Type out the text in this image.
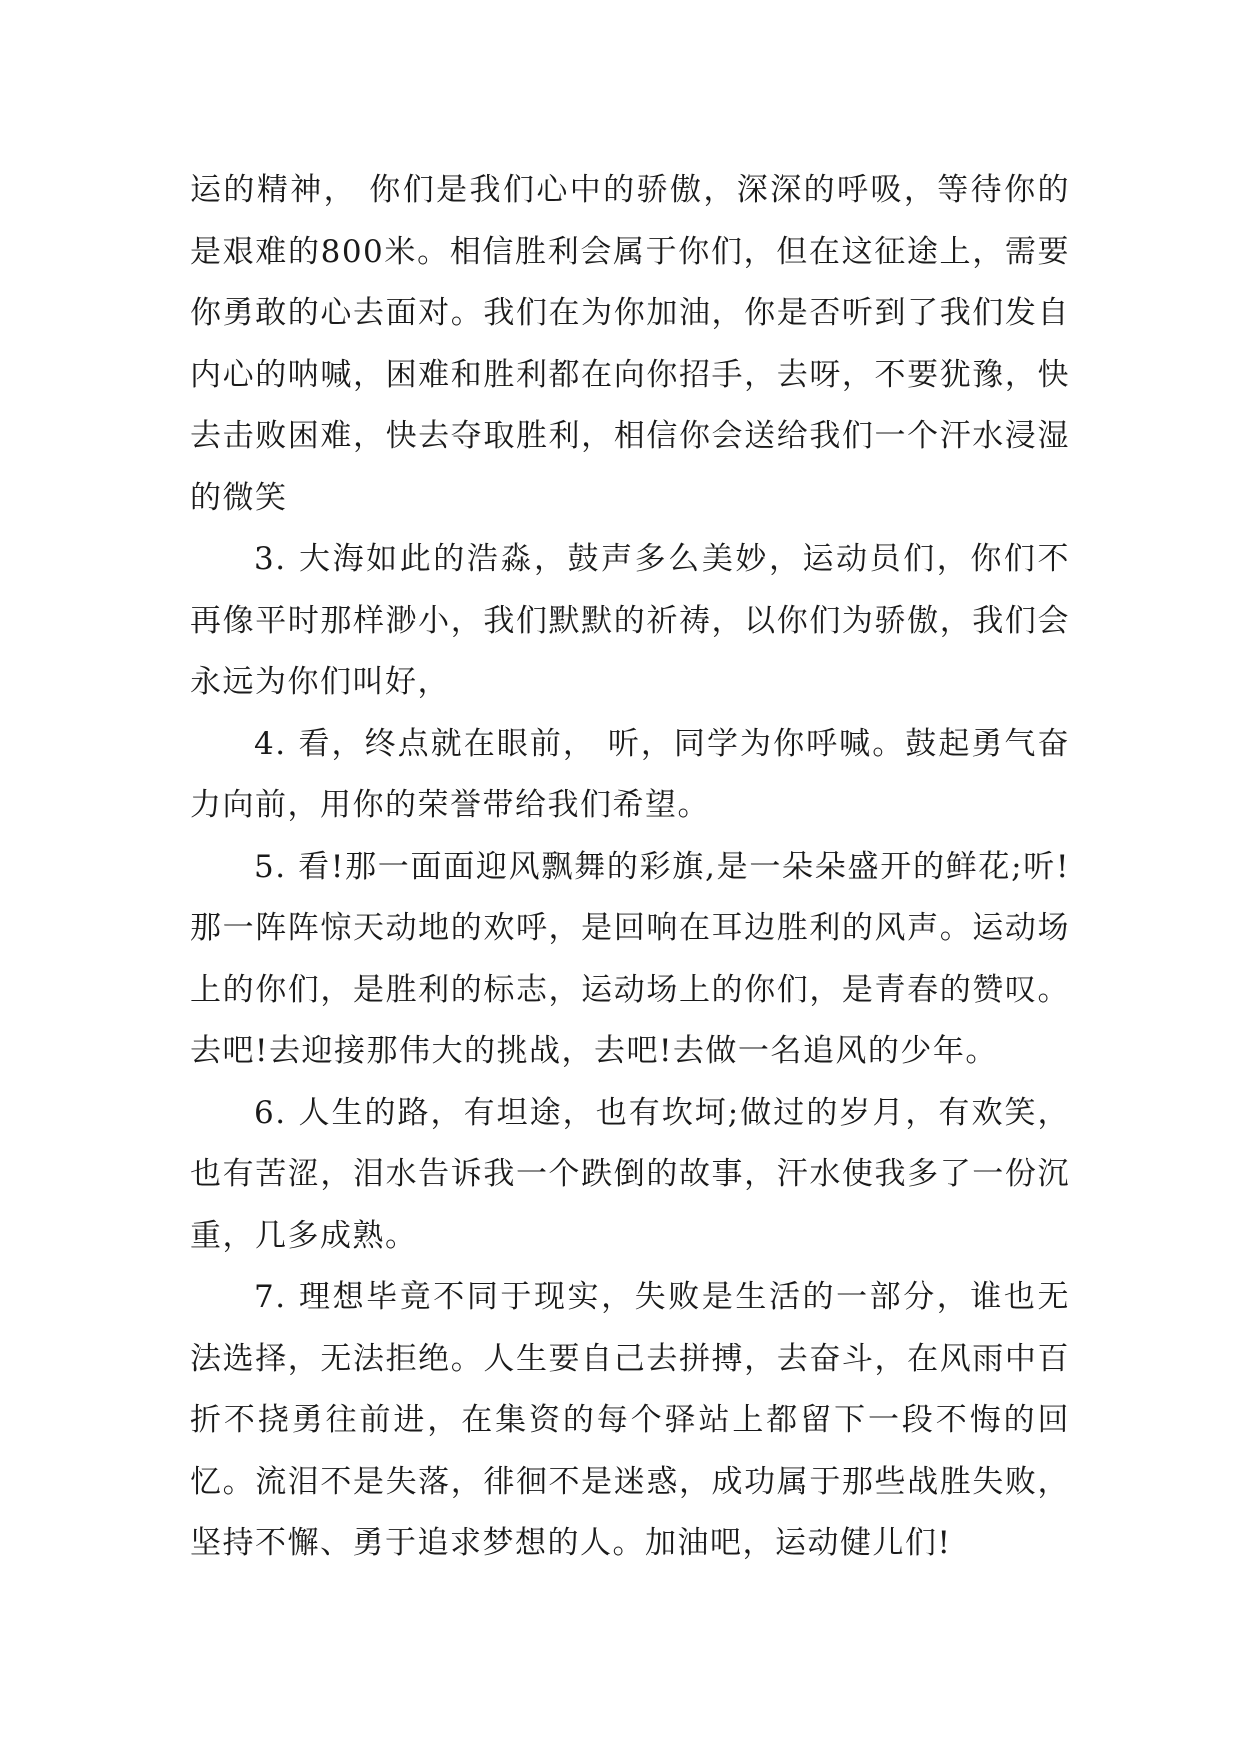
运的精神， 你们是我们心中的骄傲，深深的呼吸，等待你的是艰难的800米。相信胜利会属于你们，但在这征途上，需要你勇敢的心去面对。我们在为你加油，你是否听到了我们发自内心的呐喊，困难和胜利都在向你招手，去呀，不要犹豫，快去击败困难，快去夺取胜利，相信你会送给我们一个汗水浸湿的微笑

3. 大海如此的浩淼，鼓声多么美妙，运动员们，你们不再像平时那样渺小，我们默默的祈祷，以你们为骄傲，我们会永远为你们叫好，

4. 看，终点就在眼前， 听，同学为你呼喊。鼓起勇气奋力向前，用你的荣誉带给我们希望。

5. 看!那一面面迎风飘舞的彩旗,是一朵朵盛开的鲜花;听!那一阵阵惊天动地的欢呼，是回响在耳边胜利的风声。运动场上的你们，是胜利的标志，运动场上的你们，是青春的赞叹。去吧!去迎接那伟大的挑战，去吧!去做一名追风的少年。

6. 人生的路，有坦途，也有坎坷;做过的岁月，有欢笑，也有苦涩，泪水告诉我一个跌倒的故事，汗水使我多了一份沉重，几多成熟。

7. 理想毕竟不同于现实，失败是生活的一部分，谁也无法选择，无法拒绝。人生要自己去拼搏，去奋斗，在风雨中百折不挠勇往前进，在集资的每个驿站上都留下一段不悔的回忆。流泪不是失落，徘徊不是迷惑，成功属于那些战胜失败，坚持不懈、勇于追求梦想的人。加油吧，运动健儿们!
